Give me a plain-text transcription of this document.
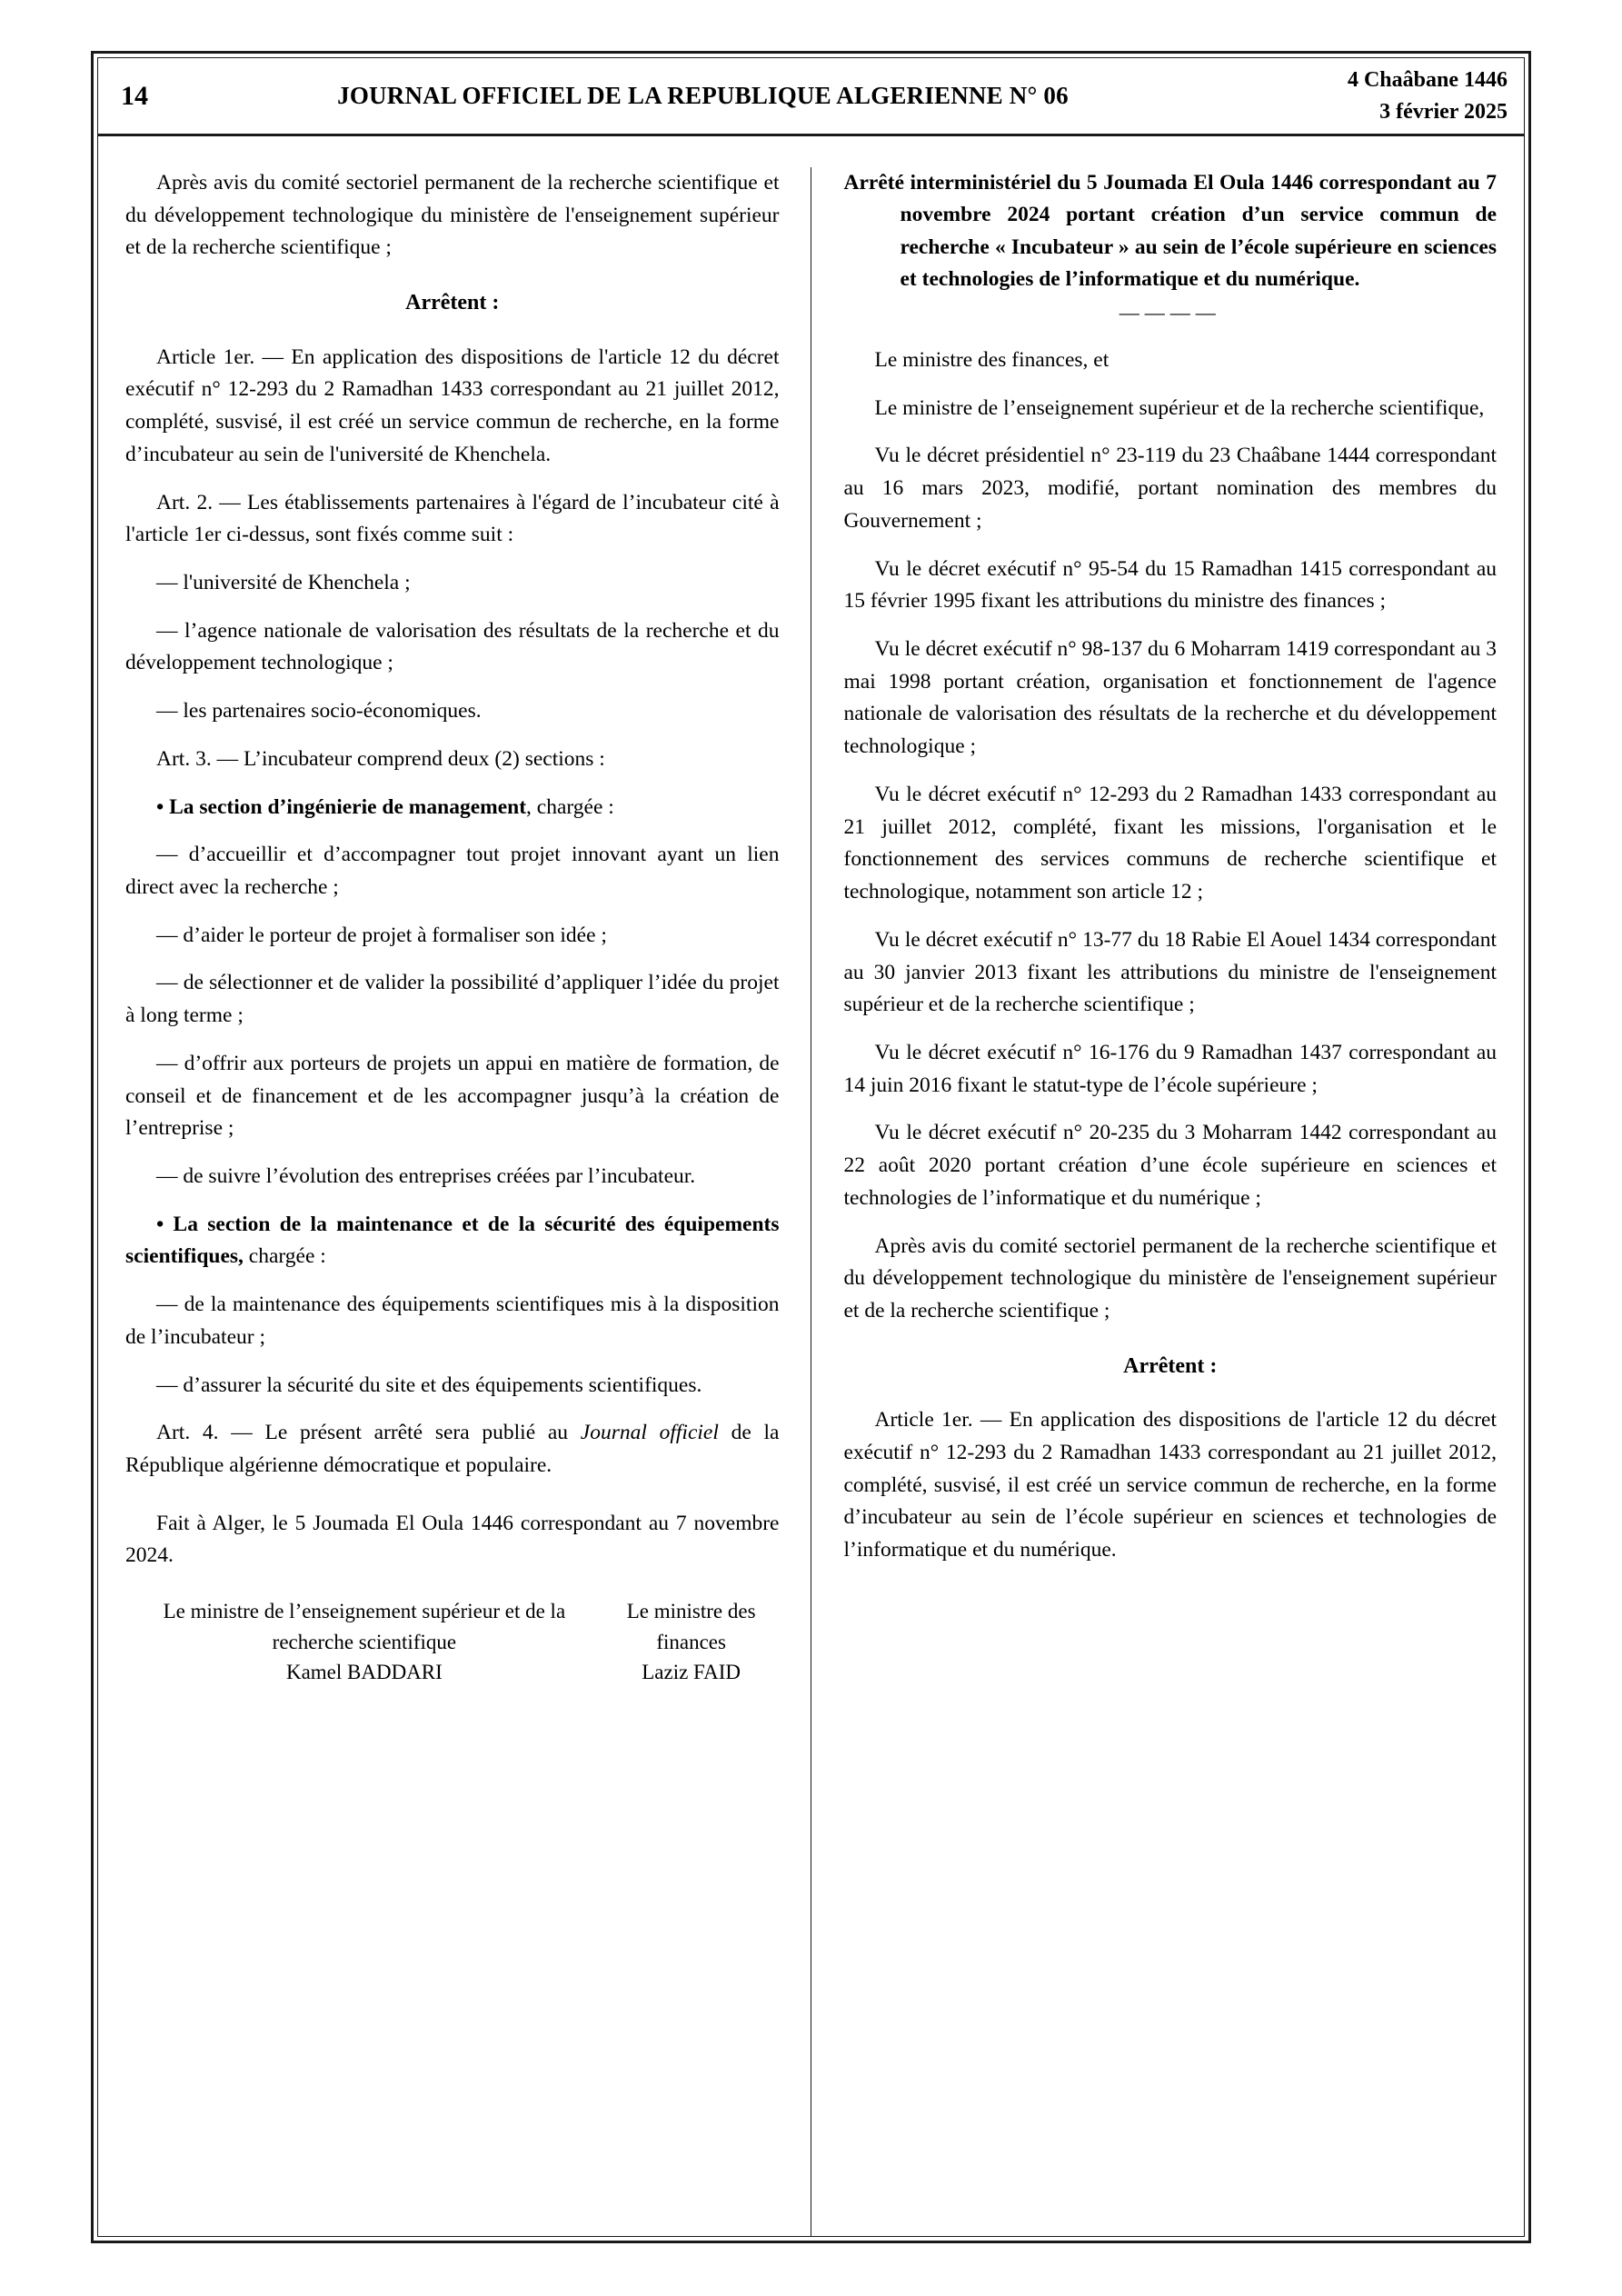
14	JOURNAL OFFICIEL DE LA REPUBLIQUE ALGERIENNE N° 06
4 Chaâbane 1446
3 février 2025

Après avis du comité sectoriel permanent de la recherche scientifique et du développement technologique du ministère de l'enseignement supérieur et de la recherche scientifique ;

Arrêtent :

Article 1er. — En application des dispositions de l'article 12 du décret exécutif n° 12-293 du 2 Ramadhan 1433 correspondant au 21 juillet 2012, complété, susvisé, il est créé un service commun de recherche, en la forme d’incubateur au sein de l'université de Khenchela.

Art. 2. — Les établissements partenaires à l'égard de l’incubateur cité à l'article 1er ci-dessus, sont fixés comme suit :

— l'université de Khenchela ;

— l’agence nationale de valorisation des résultats de la recherche et du développement technologique ;

— les partenaires socio-économiques.

Art. 3. — L’incubateur comprend deux (2) sections :

• La section d’ingénierie de management, chargée :

— d’accueillir et d’accompagner tout projet innovant ayant un lien direct avec la recherche ;

— d’aider le porteur de projet à formaliser son idée ;

— de sélectionner et de valider la possibilité d’appliquer l’idée du projet à long terme ;

— d’offrir aux porteurs de projets un appui en matière de formation, de conseil et de financement et de les accompagner jusqu’à la création de l’entreprise ;

— de suivre l’évolution des entreprises créées par l’incubateur.

• La section de la maintenance et de la sécurité des équipements scientifiques, chargée :

— de la maintenance des équipements scientifiques mis à la disposition de l’incubateur ;

— d’assurer la sécurité du site et des équipements scientifiques.

Art. 4. — Le présent arrêté sera publié au Journal officiel de la République algérienne démocratique et populaire.

Fait à Alger, le 5 Joumada El Oula 1446 correspondant au 7 novembre 2024.

Le ministre de l’enseignement supérieur et de la recherche scientifique	Le ministre des finances
Kamel BADDARI	Laziz FAID

Arrêté interministériel du 5 Joumada El Oula 1446 correspondant au 7 novembre 2024 portant création d’un service commun de recherche « Incubateur » au sein de l’école supérieure en sciences et technologies de l’informatique et du numérique.

————

Le ministre des finances, et

Le ministre de l’enseignement supérieur et de la recherche scientifique,

Vu le décret présidentiel n° 23-119 du 23 Chaâbane 1444 correspondant au 16 mars 2023, modifié, portant nomination des membres du Gouvernement ;

Vu le décret exécutif n° 95-54 du 15 Ramadhan 1415 correspondant au 15 février 1995 fixant les attributions du ministre des finances ;

Vu le décret exécutif n° 98-137 du 6 Moharram 1419 correspondant au 3 mai 1998 portant création, organisation et fonctionnement de l'agence nationale de valorisation des résultats de la recherche et du développement technologique ;

Vu le décret exécutif n° 12-293 du 2 Ramadhan 1433 correspondant au 21 juillet 2012, complété, fixant les missions, l'organisation et le fonctionnement des services communs de recherche scientifique et technologique, notamment son article 12 ;

Vu le décret exécutif n° 13-77 du 18 Rabie El Aouel 1434 correspondant au 30 janvier 2013 fixant les attributions du ministre de l'enseignement supérieur et de la recherche scientifique ;

Vu le décret exécutif n° 16-176 du 9 Ramadhan 1437 correspondant au 14 juin 2016 fixant le statut-type de l’école supérieure ;

Vu le décret exécutif n° 20-235 du 3 Moharram 1442 correspondant au 22 août 2020 portant création d’une école supérieure en sciences et technologies de l’informatique et du numérique ;

Après avis du comité sectoriel permanent de la recherche scientifique et du développement technologique du ministère de l'enseignement supérieur et de la recherche scientifique ;

Arrêtent :

Article 1er. — En application des dispositions de l'article 12 du décret exécutif n° 12-293 du 2 Ramadhan 1433 correspondant au 21 juillet 2012, complété, susvisé, il est créé un service commun de recherche, en la forme d’incubateur au sein de l’école supérieur en sciences et technologies de l’informatique et du numérique.
